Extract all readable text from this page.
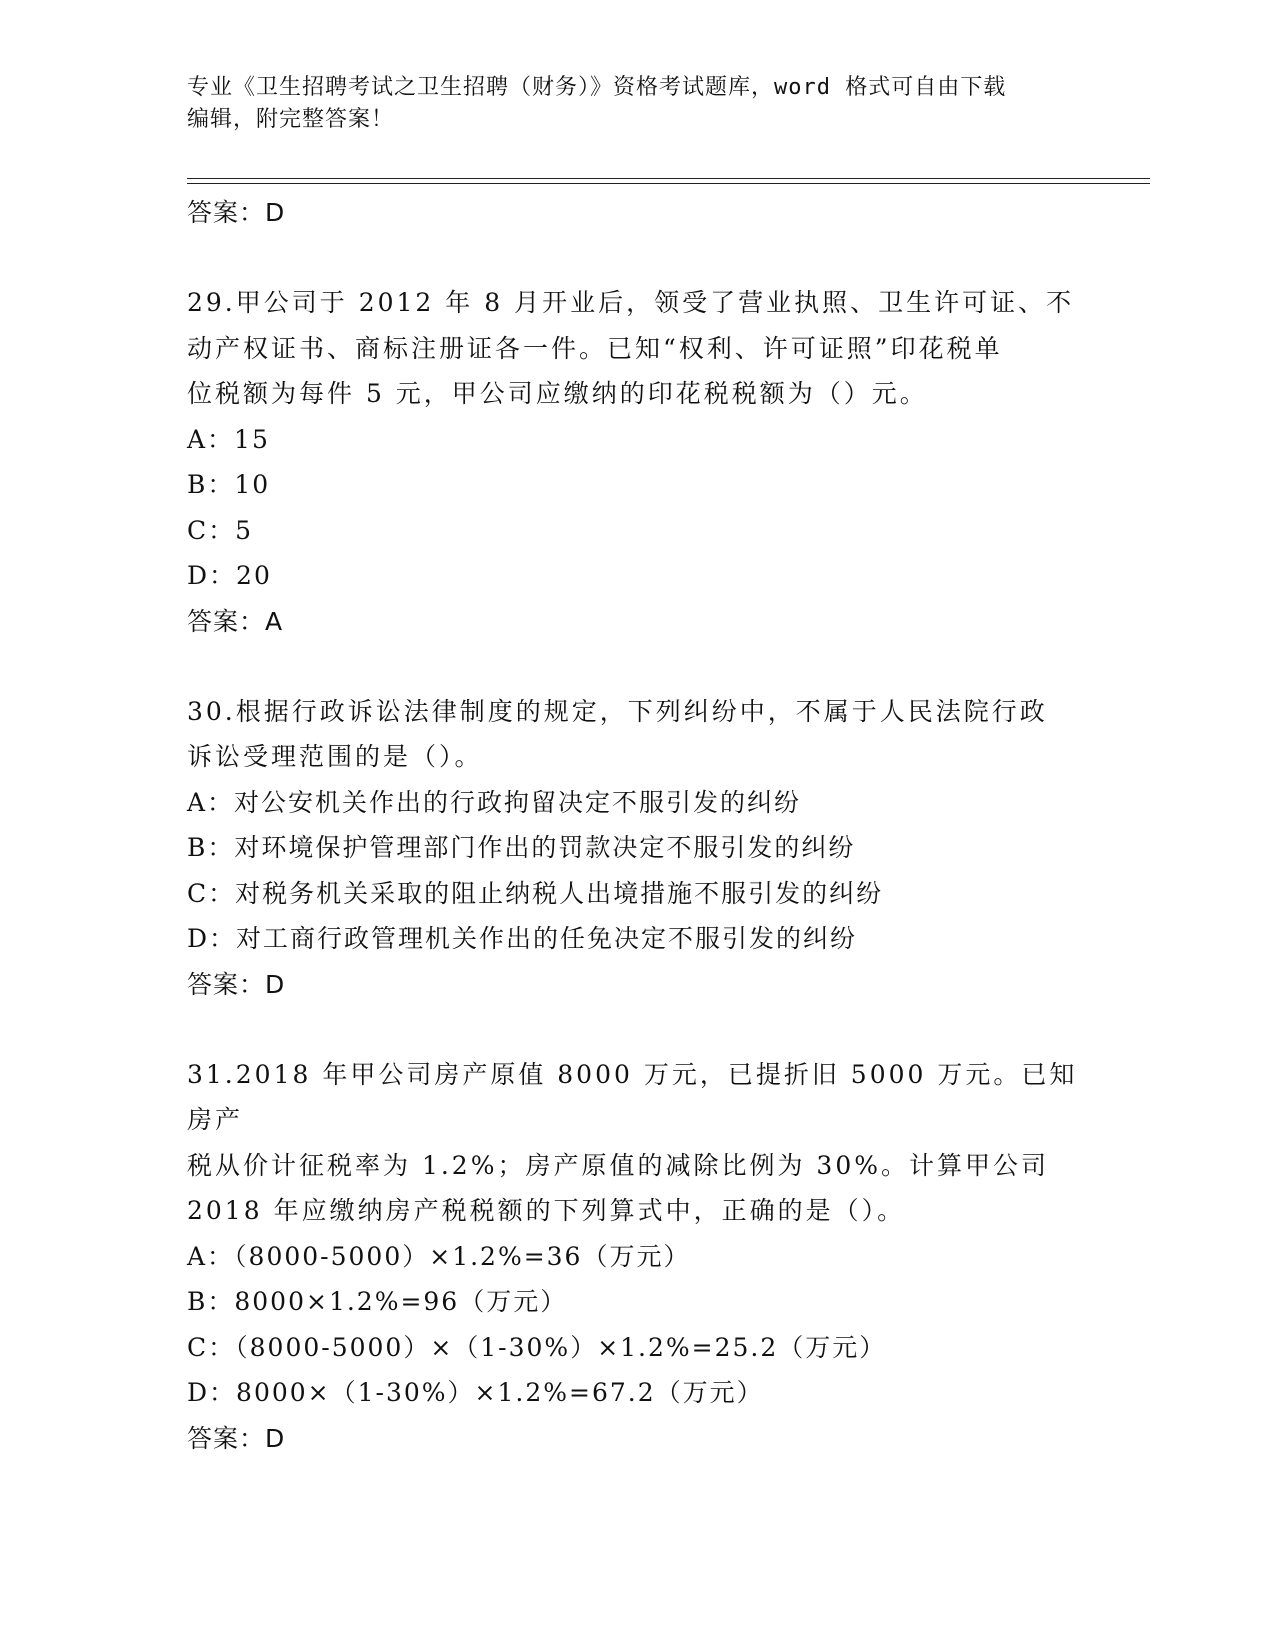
专业《卫生招聘考试之卫生招聘（财务）》资格考试题库，word 格式可自由下载
编辑，附完整答案！
答案：D
29.甲公司于 2012 年 8 月开业后，领受了营业执照、卫生许可证、不
动产权证书、商标注册证各一件。已知“权利、许可证照”印花税单
位税额为每件 5 元，甲公司应缴纳的印花税税额为（）元。
A：15
B：10
C：5
D：20
答案：A
30.根据行政诉讼法律制度的规定，下列纠纷中，不属于人民法院行政
诉讼受理范围的是（）。
A：对公安机关作出的行政拘留决定不服引发的纠纷
B：对环境保护管理部门作出的罚款决定不服引发的纠纷
C：对税务机关采取的阻止纳税人出境措施不服引发的纠纷
D：对工商行政管理机关作出的任免决定不服引发的纠纷
答案：D
31.2018 年甲公司房产原值 8000 万元，已提折旧 5000 万元。已知房产
税从价计征税率为 1.2%；房产原值的减除比例为 30%。计算甲公司
2018 年应缴纳房产税税额的下列算式中，正确的是（）。
A：（8000-5000）×1.2%=36（万元）
B：8000×1.2%=96（万元）
C：（8000-5000）×（1-30%）×1.2%=25.2（万元）
D：8000×（1-30%）×1.2%=67.2（万元）
答案：D
